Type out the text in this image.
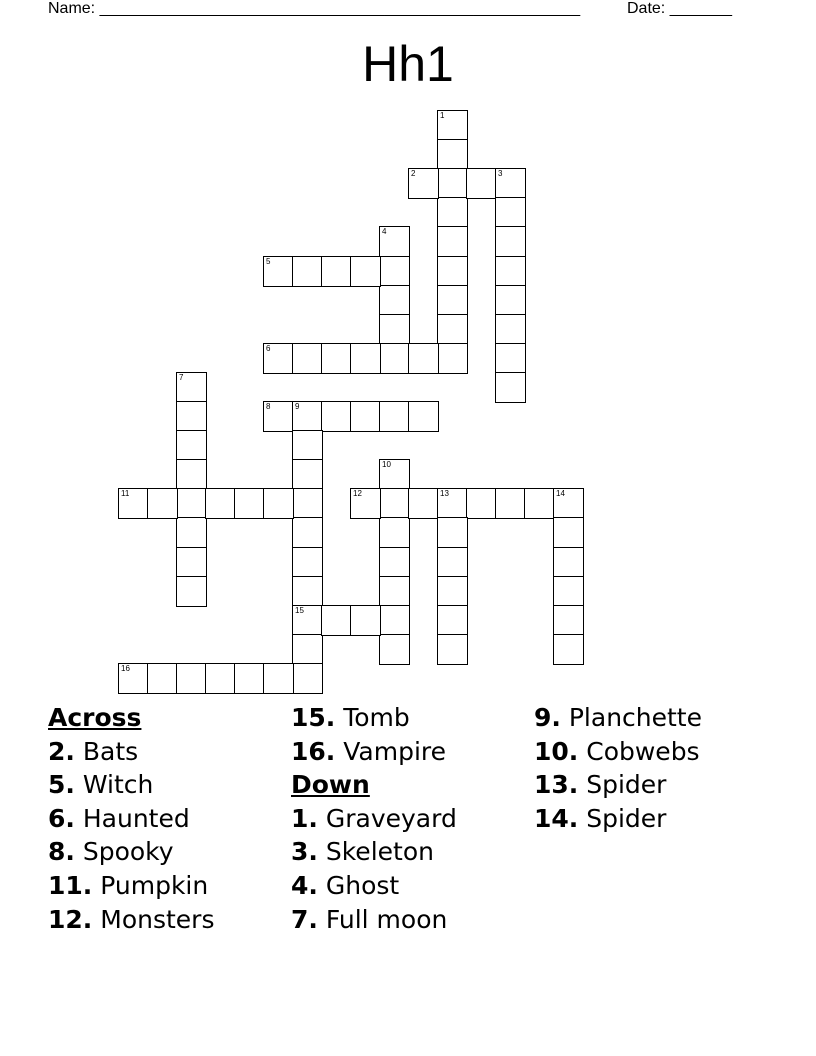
Name: ______________________________________________________	Date: _______
Hh1
1
2	3
4
5
6
7
8	9
15
10
11	12	13	14
16
Across
2. Bats
5. Witch
6. Haunted
8. Spooky
11. Pumpkin
12. Monsters
15. Tomb
16. Vampire
Down
1. Graveyard
3. Skeleton
4. Ghost
7. Full moon
9. Planchette
10. Cobwebs
13. Spider
14. Spider
